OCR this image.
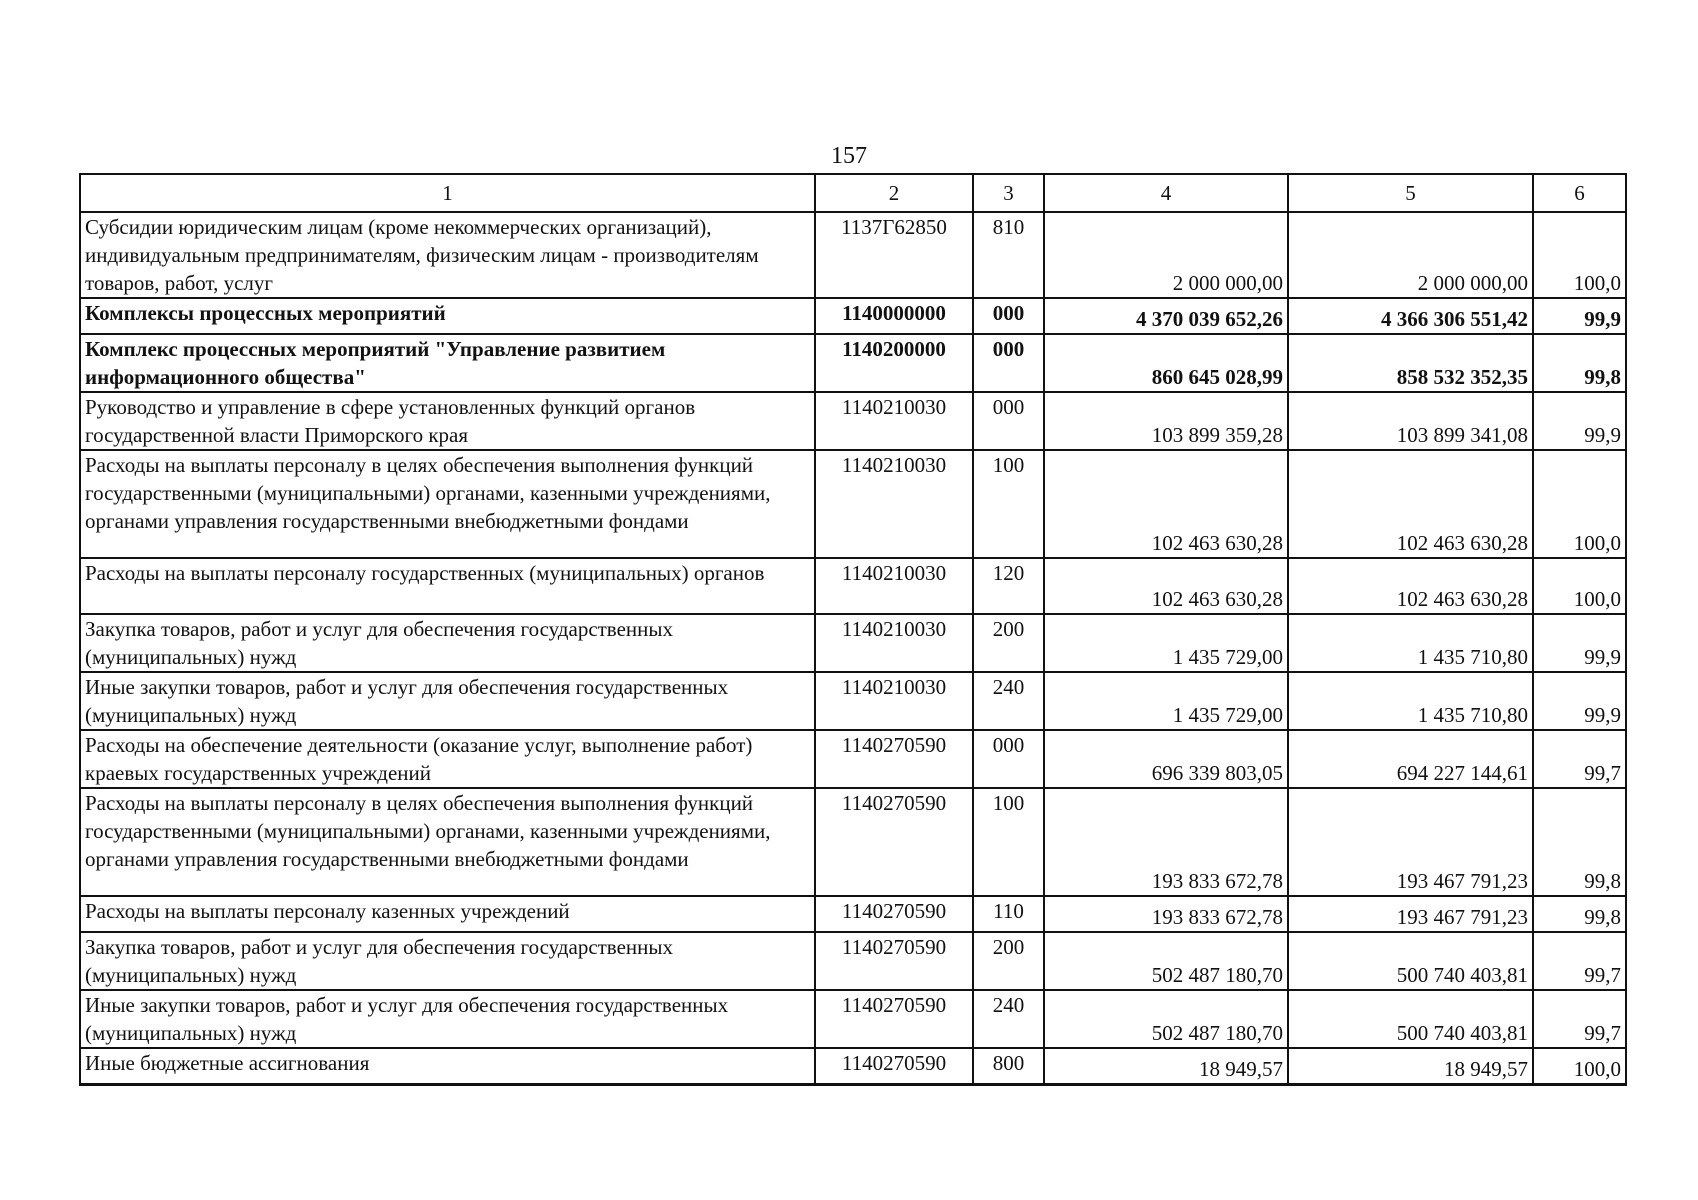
157
1	2	3	4	5	6
Субсидии юридическим лицам (кроме некоммерческих организаций), индивидуальным предпринимателям, физическим лицам - производителям товаров, работ, услуг	1137Г62850	810	2 000 000,00	2 000 000,00	100,0
Комплексы процессных мероприятий	1140000000	000	4 370 039 652,26	4 366 306 551,42	99,9
Комплекс процессных мероприятий "Управление развитием информационного общества"	1140200000	000	860 645 028,99	858 532 352,35	99,8
Руководство и управление в сфере установленных функций органов государственной власти Приморского края	1140210030	000	103 899 359,28	103 899 341,08	99,9
Расходы на выплаты персоналу в целях обеспечения выполнения функций государственными (муниципальными) органами, казенными учреждениями, органами управления государственными внебюджетными фондами	1140210030	100	102 463 630,28	102 463 630,28	100,0
Расходы на выплаты персоналу государственных (муниципальных) органов	1140210030	120	102 463 630,28	102 463 630,28	100,0
Закупка товаров, работ и услуг для обеспечения государственных (муниципальных) нужд	1140210030	200	1 435 729,00	1 435 710,80	99,9
Иные закупки товаров, работ и услуг для обеспечения государственных (муниципальных) нужд	1140210030	240	1 435 729,00	1 435 710,80	99,9
Расходы на обеспечение деятельности (оказание услуг, выполнение работ) краевых государственных учреждений	1140270590	000	696 339 803,05	694 227 144,61	99,7
Расходы на выплаты персоналу в целях обеспечения выполнения функций государственными (муниципальными) органами, казенными учреждениями, органами управления государственными внебюджетными фондами	1140270590	100	193 833 672,78	193 467 791,23	99,8
Расходы на выплаты персоналу казенных учреждений	1140270590	110	193 833 672,78	193 467 791,23	99,8
Закупка товаров, работ и услуг для обеспечения государственных (муниципальных) нужд	1140270590	200	502 487 180,70	500 740 403,81	99,7
Иные закупки товаров, работ и услуг для обеспечения государственных (муниципальных) нужд	1140270590	240	502 487 180,70	500 740 403,81	99,7
Иные бюджетные ассигнования	1140270590	800	18 949,57	18 949,57	100,0
